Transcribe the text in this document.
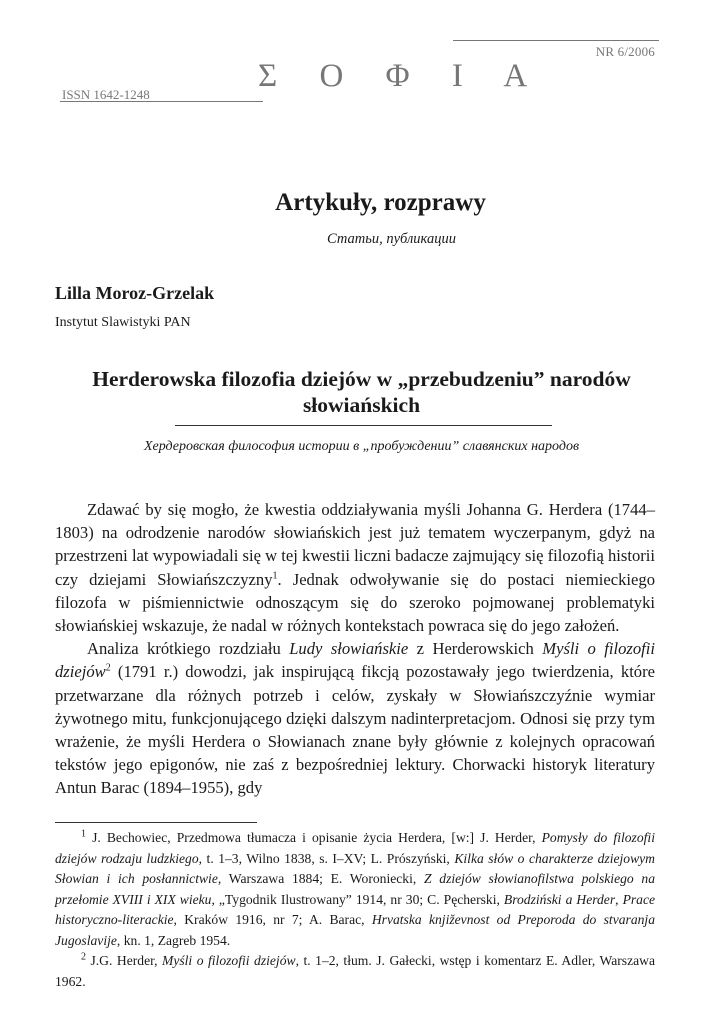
NR 6/2006
Σ Ο Φ Ι Α
ISSN 1642-1248
Artykuły, rozprawy
Статьи, публикации
Lilla Moroz-Grzelak
Instytut Slawistyki PAN
Herderowska filozofia dziejów w „przebudzeniu” narodów
słowiańskich
Хердеровская философия истории в „пробуждении” славянских народов

Zdawać by się mogło, że kwestia oddziaływania myśli Johanna G. Herdera (1744–1803) na odrodzenie narodów słowiańskich jest już tematem wyczerpanym, gdyż na przestrzeni lat wypowiadali się w tej kwestii liczni badacze zajmujący się filozofią historii czy dziejami Słowiańszczyzny$^1$. Jednak odwoływanie się do postaci niemieckiego filozofa w piśmiennictwie odnoszącym się do szeroko pojmowanej problematyki słowiańskiej wskazuje, że nadal w różnych kontekstach powraca się do jego założeń.

Analiza krótkiego rozdziału Ludy słowiańskie z Herderowskich Myśli o filozofii dziejów$^2$ (1791 r.) dowodzi, jak inspirującą fikcją pozostawały jego twierdzenia, które przetwarzane dla różnych potrzeb i celów, zyskały w Słowiańszczyźnie wymiar żywotnego mitu, funkcjonującego dzięki dalszym nadinterpretacjom. Odnosi się przy tym wrażenie, że myśli Herdera o Słowianach znane były głównie z kolejnych opracowań tekstów jego epigonów, nie zaś z bezpośredniej lektury. Chorwacki historyk literatury Antun Barac (1894–1955), gdy

$^1$ J. Bechowiec, Przedmowa tłumacza i opisanie życia Herdera, [w:] J. Herder, Pomysły do filozofii dziejów rodzaju ludzkiego, t. 1–3, Wilno 1838, s. I–XV; L. Prószyński, Kilka słów o charakterze dziejowym Słowian i ich posłannictwie, Warszawa 1884; E. Woroniecki, Z dziejów słowianofilstwa polskiego na przełomie XVIII i XIX wieku, „Tygodnik Ilustrowany” 1914, nr 30; C. Pęcherski, Brodziński a Herder, Prace historyczno-literackie, Kraków 1916, nr 7; A. Barac, Hrvatska književnost od Preporoda do stvaranja Jugoslavije, kn. 1, Zagreb 1954.

$^2$ J.G. Herder, Myśli o filozofii dziejów, t. 1–2, tłum. J. Gałecki, wstęp i komentarz E. Adler, Warszawa 1962.
